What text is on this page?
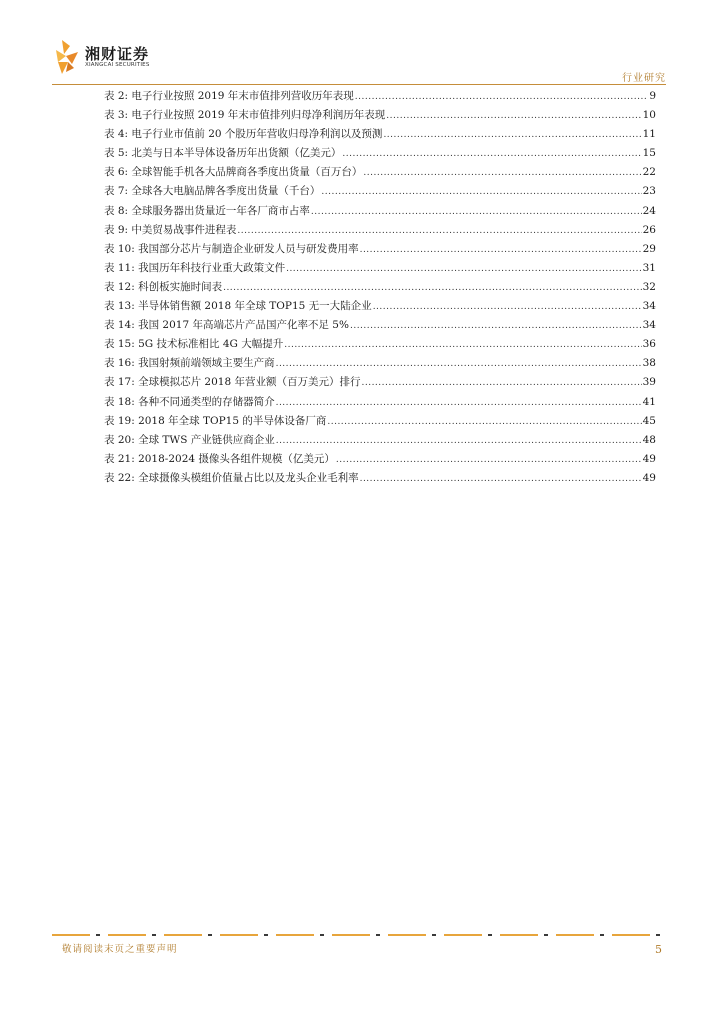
湘财证券
XIANGCAI SECURITIES
行业研究
表 2: 电子行业按照 2019 年末市值排列营收历年表现 .....	9
表 3: 电子行业按照 2019 年末市值排列归母净利润历年表现 .....	10
表 4: 电子行业市值前 20 个股历年营收归母净利润以及预测 .....	11
表 5: 北美与日本半导体设备历年出货额（亿美元） .....	15
表 6: 全球智能手机各大品牌商各季度出货量（百万台） .....	22
表 7: 全球各大电脑品牌各季度出货量（千台） .....	23
表 8: 全球服务器出货量近一年各厂商市占率 .....	24
表 9: 中美贸易战事件进程表 .....	26
表 10: 我国部分芯片与制造企业研发人员与研发费用率 .....	29
表 11: 我国历年科技行业重大政策文件 .....	31
表 12: 科创板实施时间表 .....	32
表 13: 半导体销售额 2018 年全球 TOP15 无一大陆企业 .....	34
表 14: 我国 2017 年高端芯片产品国产化率不足 5% .....	34
表 15: 5G 技术标准相比 4G 大幅提升 .....	36
表 16: 我国射频前端领域主要生产商 .....	38
表 17: 全球模拟芯片 2018 年营业额（百万美元）排行 .....	39
表 18: 各种不同通类型的存储器简介 .....	41
表 19: 2018 年全球 TOP15 的半导体设备厂商 .....	45
表 20: 全球 TWS 产业链供应商企业 .....	48
表 21: 2018-2024 摄像头各组件规模（亿美元） .....	49
表 22: 全球摄像头模组价值量占比以及龙头企业毛利率 .....	49
敬请阅读末页之重要声明	5
